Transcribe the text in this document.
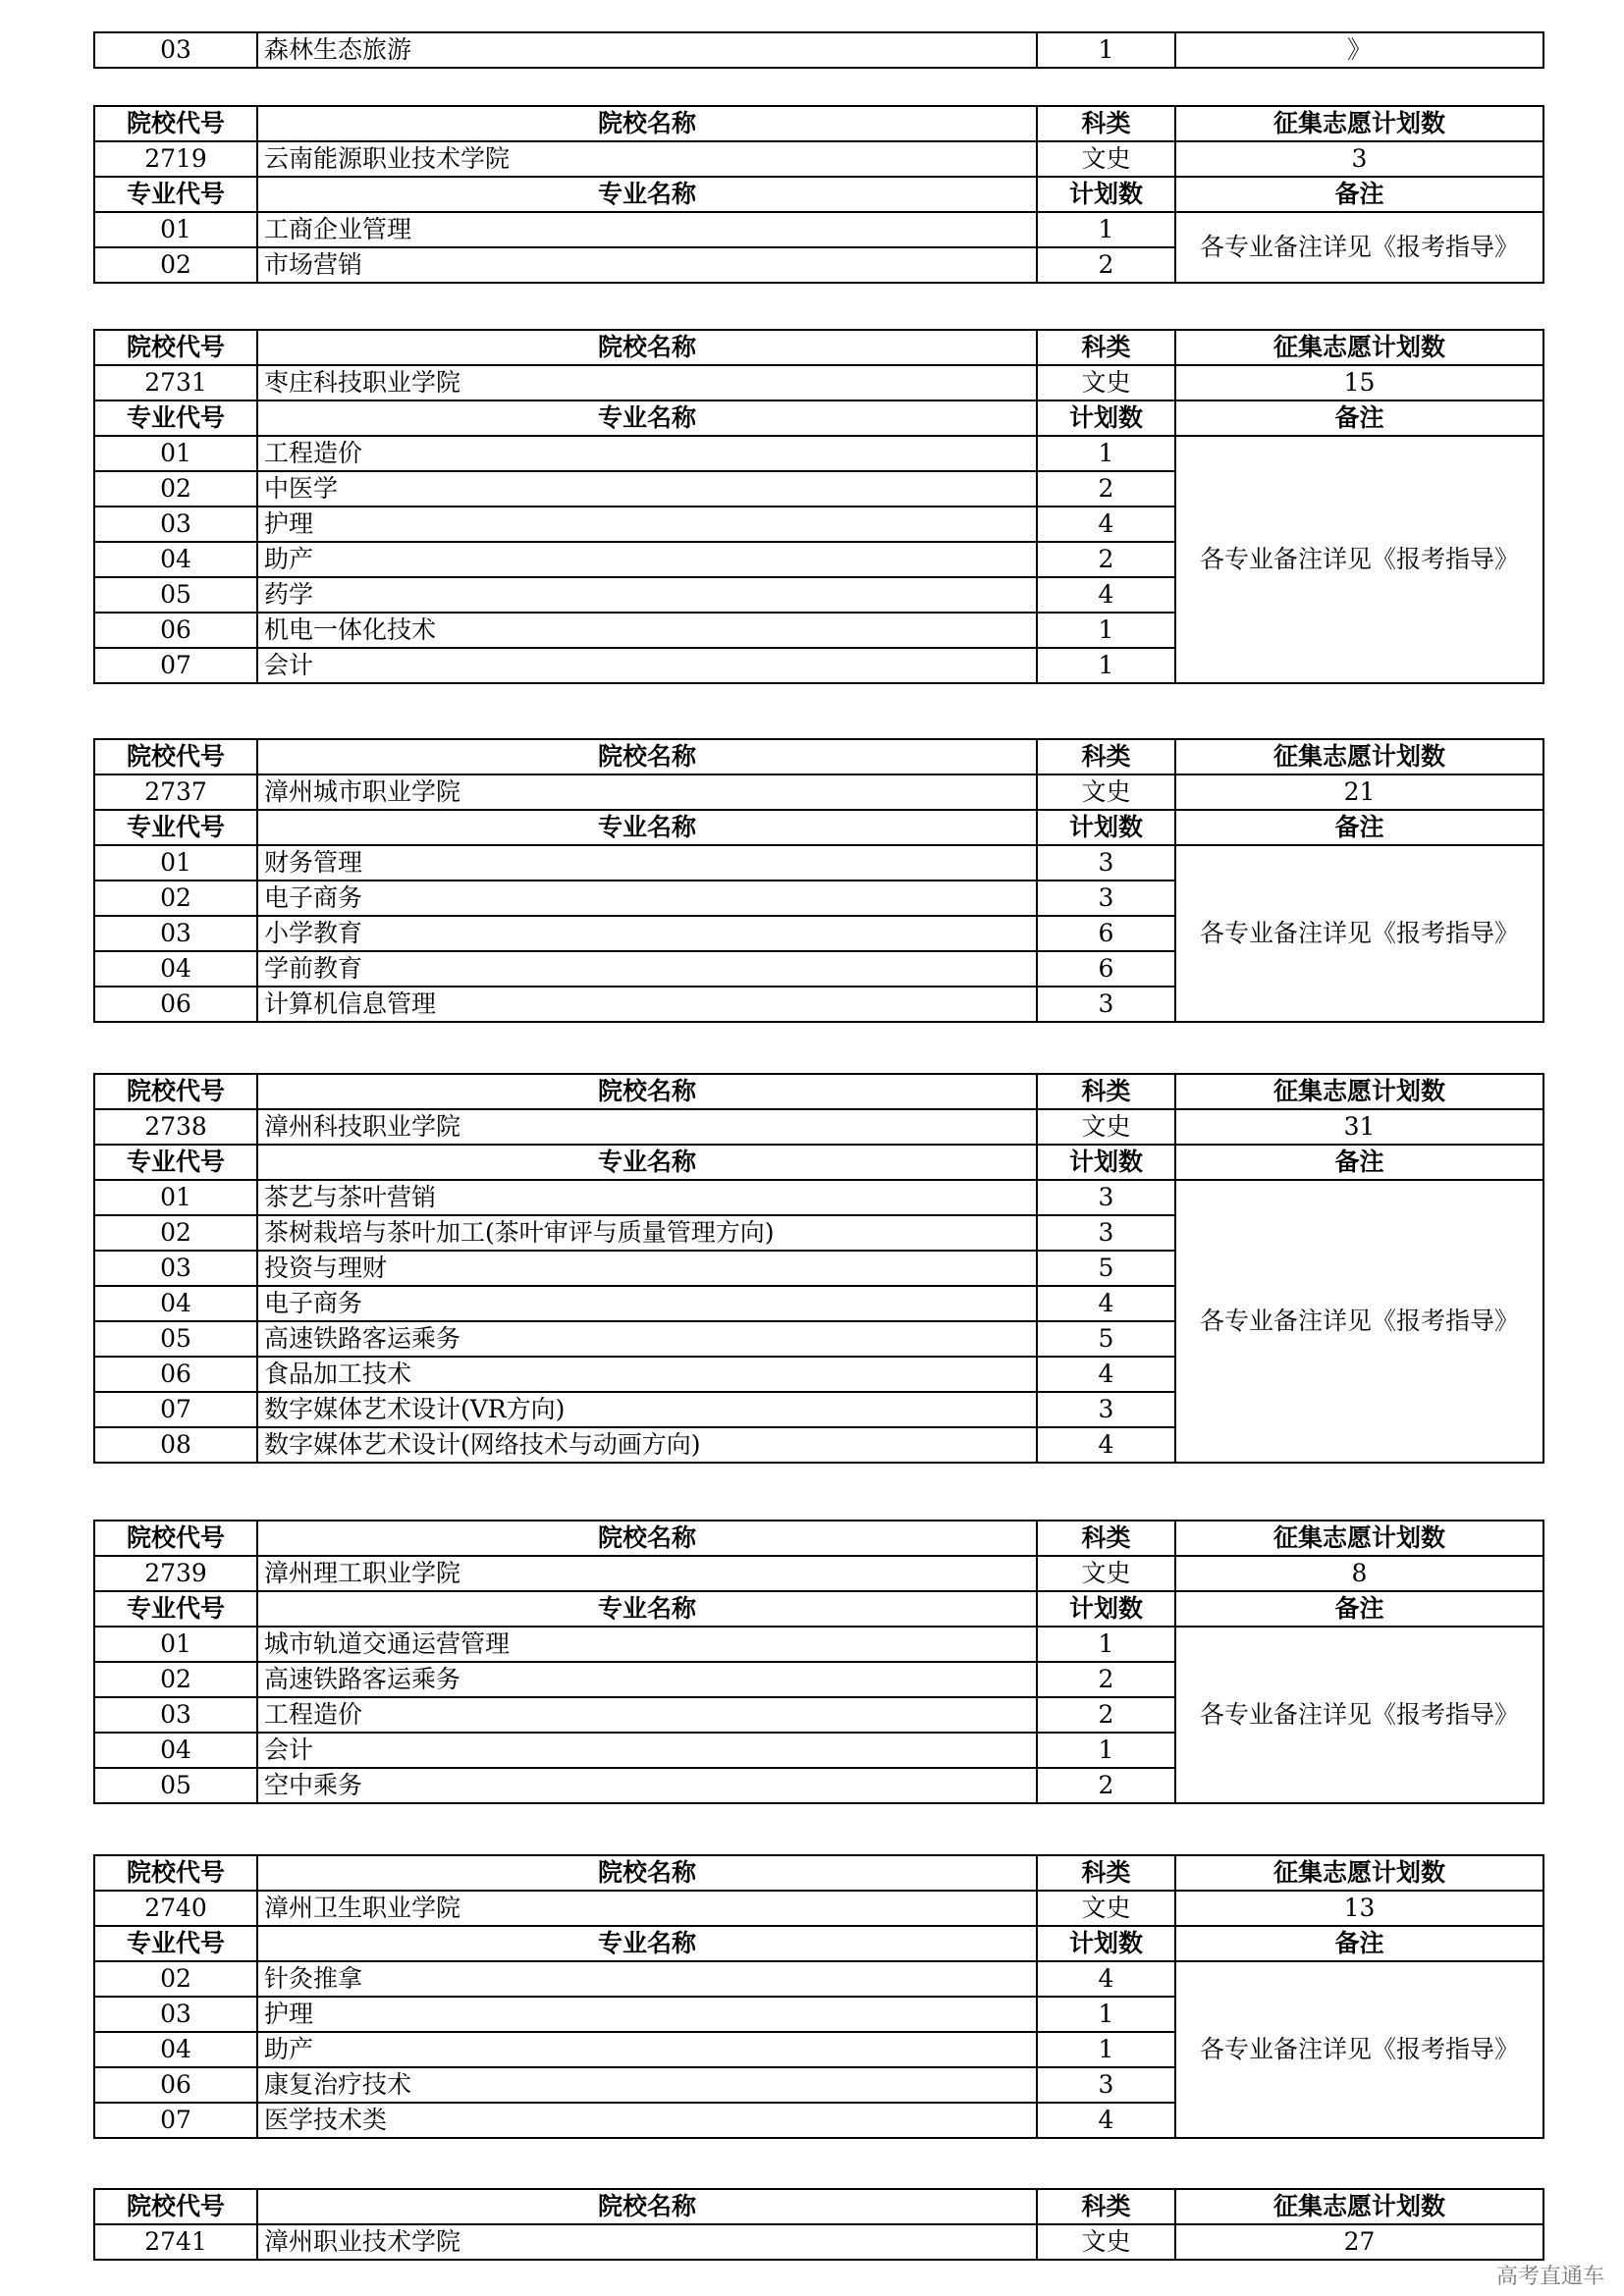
03	森林生态旅游	1	》
院校代号	院校名称	科类	征集志愿计划数
2719	云南能源职业技术学院	文史	3
专业代号	专业名称	计划数	备注
01	工商企业管理	1	各专业备注详见《报考指导》
02	市场营销	2	
院校代号	院校名称	科类	征集志愿计划数
2731	枣庄科技职业学院	文史	15
专业代号	专业名称	计划数	备注
01	工程造价	1	各专业备注详见《报考指导》
02	中医学	2	
03	护理	4	
04	助产	2	
05	药学	4	
06	机电一体化技术	1	
07	会计	1	
院校代号	院校名称	科类	征集志愿计划数
2737	漳州城市职业学院	文史	21
专业代号	专业名称	计划数	备注
01	财务管理	3	各专业备注详见《报考指导》
02	电子商务	3	
03	小学教育	6	
04	学前教育	6	
06	计算机信息管理	3	
院校代号	院校名称	科类	征集志愿计划数
2738	漳州科技职业学院	文史	31
专业代号	专业名称	计划数	备注
01	茶艺与茶叶营销	3	各专业备注详见《报考指导》
02	茶树栽培与茶叶加工(茶叶审评与质量管理方向)	3	
03	投资与理财	5	
04	电子商务	4	
05	高速铁路客运乘务	5	
06	食品加工技术	4	
07	数字媒体艺术设计(VR方向)	3	
08	数字媒体艺术设计(网络技术与动画方向)	4	
院校代号	院校名称	科类	征集志愿计划数
2739	漳州理工职业学院	文史	8
专业代号	专业名称	计划数	备注
01	城市轨道交通运营管理	1	各专业备注详见《报考指导》
02	高速铁路客运乘务	2	
03	工程造价	2	
04	会计	1	
05	空中乘务	2	
院校代号	院校名称	科类	征集志愿计划数
2740	漳州卫生职业学院	文史	13
专业代号	专业名称	计划数	备注
02	针灸推拿	4	各专业备注详见《报考指导》
03	护理	1	
04	助产	1	
06	康复治疗技术	3	
07	医学技术类	4	
院校代号	院校名称	科类	征集志愿计划数
2741	漳州职业技术学院	文史	27
高考直通车
